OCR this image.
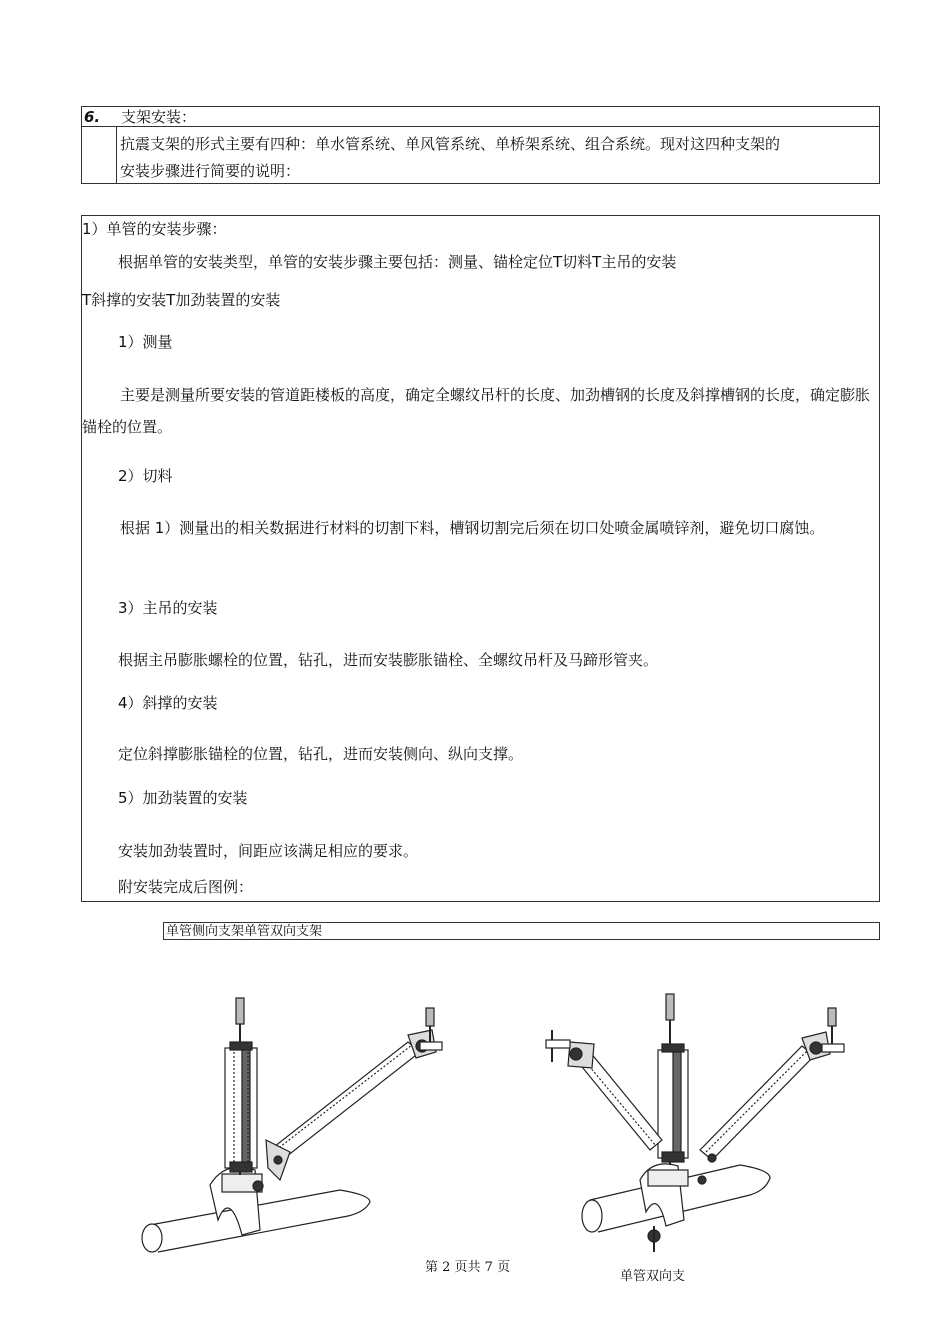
6. 支架安装：
抗震支架的形式主要有四种：单水管系统、单风管系统、单桥架系统、组合系统。现对这四种支架的
安装步骤进行简要的说明：
1）单管的安装步骤：
根据单管的安装类型，单管的安装步骤主要包括：测量、锚栓定位T切料T主吊的安装
T斜撑的安装T加劲装置的安装
1）测量
主要是测量所要安装的管道距楼板的高度，确定全螺纹吊杆的长度、加劲槽钢的长度及斜撑槽钢的长度，确定膨胀锚栓的位置。
2）切料
根据 1）测量出的相关数据进行材料的切割下料，槽钢切割完后须在切口处喷金属喷锌剂，避免切口腐蚀。
3）主吊的安装
根据主吊膨胀螺栓的位置，钻孔，进而安装膨胀锚栓、全螺纹吊杆及马蹄形管夹。
4）斜撑的安装
定位斜撑膨胀锚栓的位置，钻孔，进而安装侧向、纵向支撑。
5）加劲装置的安装
安装加劲装置时，间距应该满足相应的要求。
附安装完成后图例：
单管侧向支架单管双向支架
第 2 页共 7 页
单管双向支
